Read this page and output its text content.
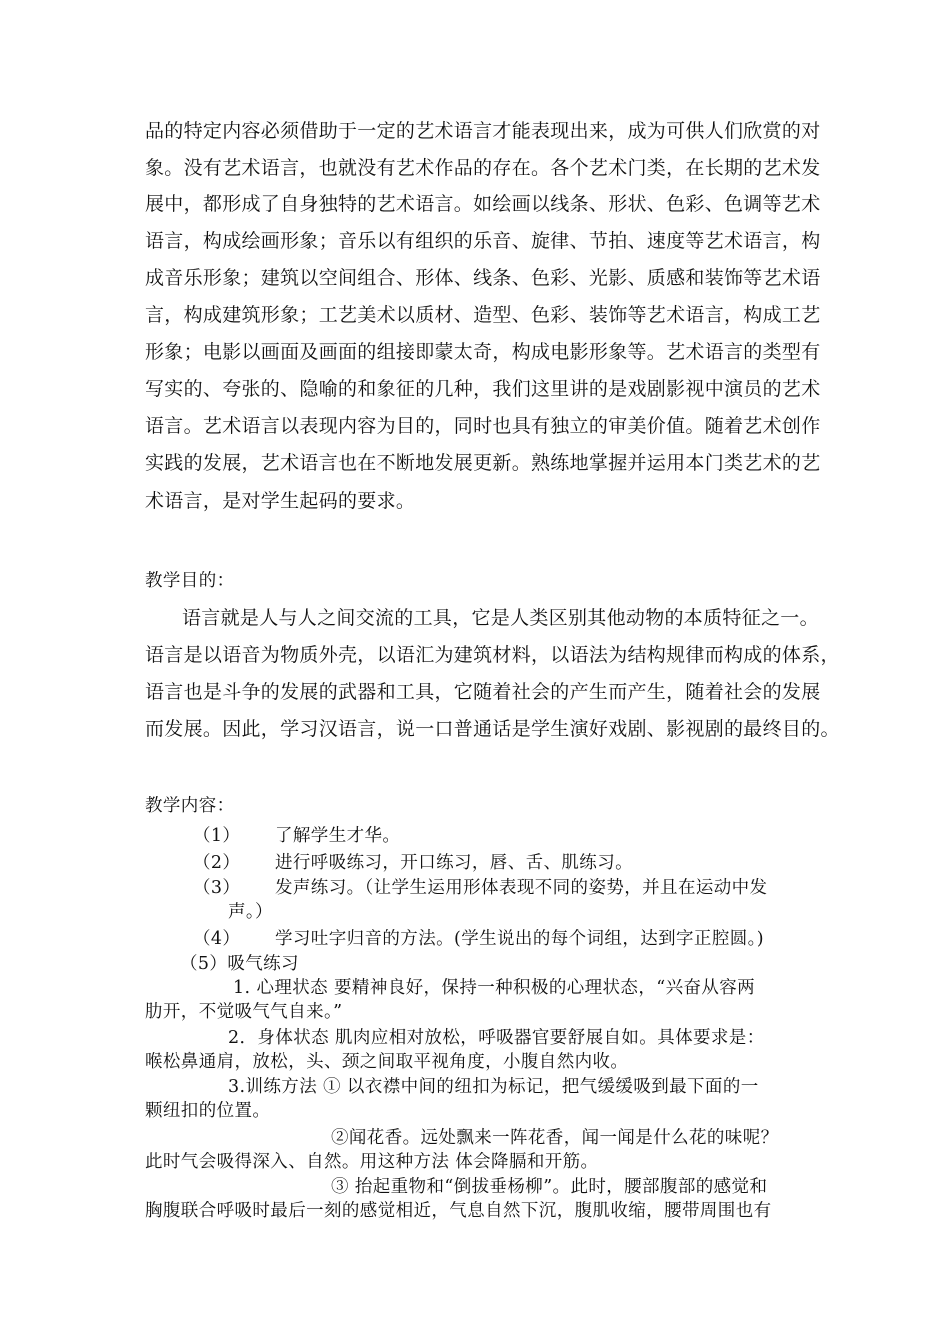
品的特定内容必须借助于一定的艺术语言才能表现出来，成为可供人们欣赏的对
象。没有艺术语言，也就没有艺术作品的存在。各个艺术门类，在长期的艺术发
展中，都形成了自身独特的艺术语言。如绘画以线条、形状、色彩、色调等艺术
语言，构成绘画形象；音乐以有组织的乐音、旋律、节拍、速度等艺术语言，构
成音乐形象；建筑以空间组合、形体、线条、色彩、光影、质感和装饰等艺术语
言，构成建筑形象；工艺美术以质材、造型、色彩、装饰等艺术语言，构成工艺
形象；电影以画面及画面的组接即蒙太奇，构成电影形象等。艺术语言的类型有
写实的、夸张的、隐喻的和象征的几种，我们这里讲的是戏剧影视中演员的艺术
语言。艺术语言以表现内容为目的，同时也具有独立的审美价值。随着艺术创作
实践的发展，艺术语言也在不断地发展更新。熟练地掌握并运用本门类艺术的艺
术语言，是对学生起码的要求。
教学目的：
语言就是人与人之间交流的工具，它是人类区别其他动物的本质特征之一。
语言是以语音为物质外壳，以语汇为建筑材料，以语法为结构规律而构成的体系，
语言也是斗争的发展的武器和工具，它随着社会的产生而产生，随着社会的发展
而发展。因此，学习汉语言，说一口普通话是学生演好戏剧、影视剧的最终目的。
教学内容：
（1） 了解学生才华。
（2） 进行呼吸练习，开口练习，唇、舌、肌练习。
（3） 发声练习。（让学生运用形体表现不同的姿势，并且在运动中发
声。）
（4） 学习吐字归音的方法。(学生说出的每个词组，达到字正腔圆。)
（5）吸气练习
1. 心理状态 要精神良好，保持一种积极的心理状态，“兴奋从容两
肋开，不觉吸气气自来。”
2．身体状态 肌肉应相对放松，呼吸器官要舒展自如。具体要求是：
喉松鼻通肩，放松，头、颈之间取平视角度，小腹自然内收。
3.训练方法 ① 以衣襟中间的纽扣为标记，把气缓缓吸到最下面的一
颗纽扣的位置。
②闻花香。远处飘来一阵花香，闻一闻是什么花的味呢？
此时气会吸得深入、自然。用这种方法 体会降膈和开筋。
③ 抬起重物和“倒拔垂杨柳”。此时，腰部腹部的感觉和
胸腹联合呼吸时最后一刻的感觉相近，气息自然下沉，腹肌收缩，腰带周围也有
